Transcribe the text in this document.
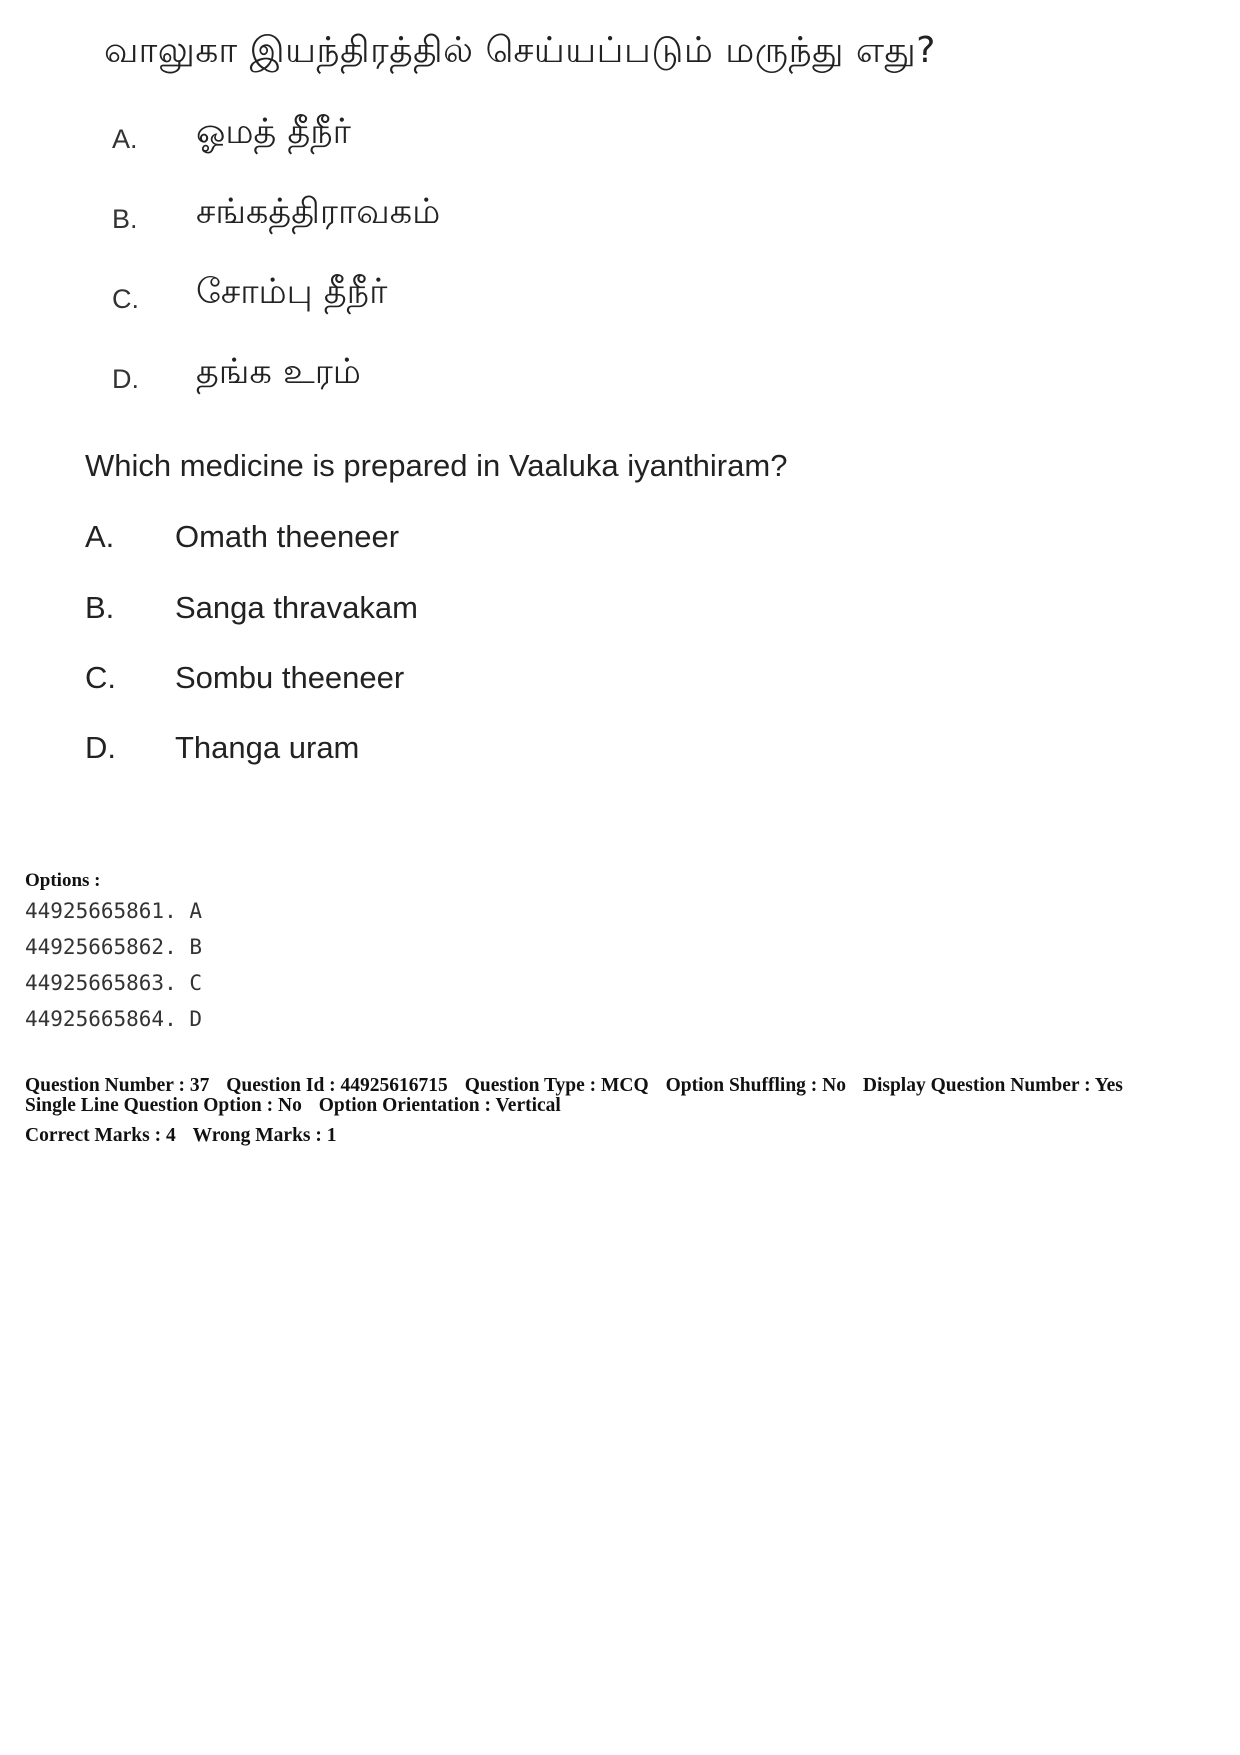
வாலுகா இயந்திரத்தில் செய்யப்படும் மருந்து எது?
A. ஓமத் தீநீர்
B. சங்கத்திராவகம்
C. சோம்பு தீநீர்
D. தங்க உரம்
Which medicine is prepared in Vaaluka iyanthiram?
A. Omath theeneer
B. Sanga thravakam
C. Sombu theeneer
D. Thanga uram
Options :
44925665861. A
44925665862. B
44925665863. C
44925665864. D
Question Number : 37 Question Id : 44925616715 Question Type : MCQ Option Shuffling : No Display Question Number : Yes
Single Line Question Option : No Option Orientation : Vertical
Correct Marks : 4 Wrong Marks : 1
